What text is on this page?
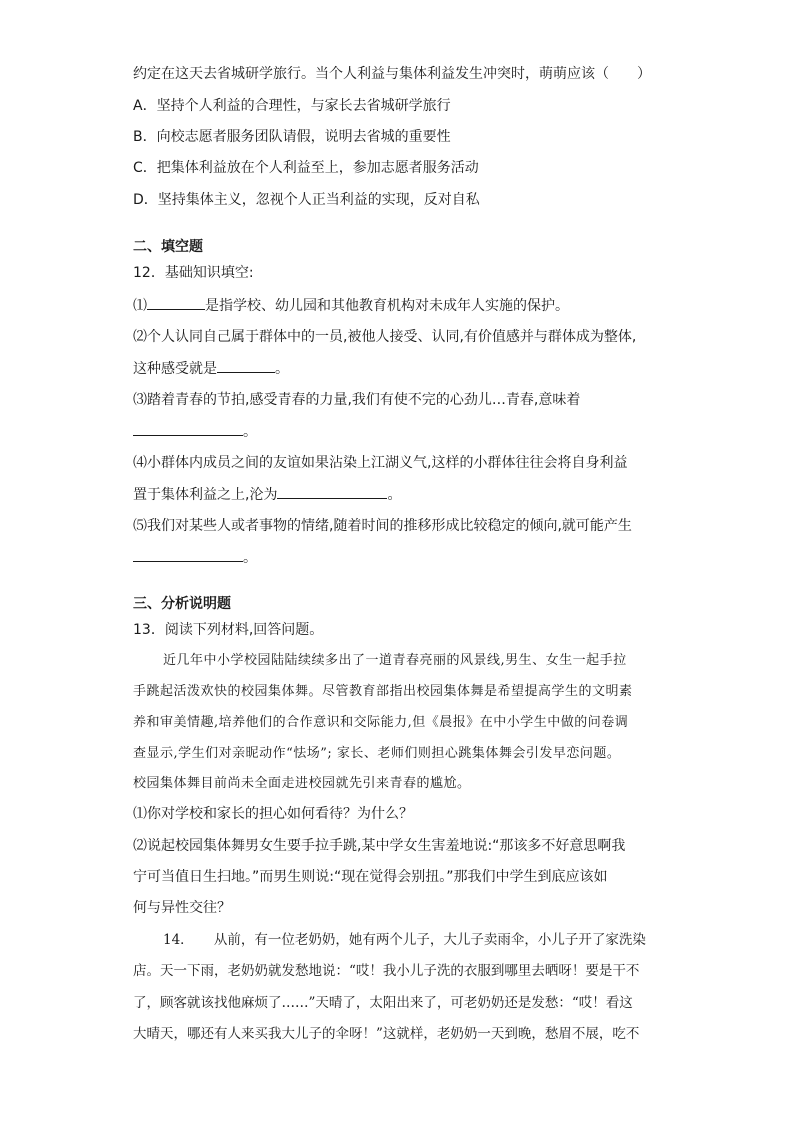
约定在这天去省城研学旅行。当个人利益与集体利益发生冲突时，萌萌应该（　　）
A．坚持个人利益的合理性，与家长去省城研学旅行
B．向校志愿者服务团队请假，说明去省城的重要性
C．把集体利益放在个人利益至上，参加志愿者服务活动
D．坚持集体主义，忽视个人正当利益的实现，反对自私
二、填空题
12．基础知识填空:
⑴	是指学校、幼儿园和其他教育机构对未成年人实施的保护。
⑵个人认同自己属于群体中的一员,被他人接受、认同,有价值感并与群体成为整体,
这种感受就是	。
⑶踏着青春的节拍,感受青春的力量,我们有使不完的心劲儿…青春,意味着
。
⑷小群体内成员之间的友谊如果沾染上江湖义气,这样的小群体往往会将自身利益
置于集体利益之上,沦为	。
⑸我们对某些人或者事物的情绪,随着时间的推移形成比较稳定的倾向,就可能产生
。
三、分析说明题
13．阅读下列材料,回答问题。
近几年中小学校园陆陆续续多出了一道青春亮丽的风景线,男生、女生一起手拉
手跳起活泼欢快的校园集体舞。尽管教育部指出校园集体舞是希望提高学生的文明素
养和审美情趣,培养他们的合作意识和交际能力,但《晨报》在中小学生中做的问卷调
查显示,学生们对亲昵动作“怯场”; 家长、老师们则担心跳集体舞会引发早恋问题。
校园集体舞目前尚未全面走进校园就先引来青春的尴尬。
⑴你对学校和家长的担心如何看待？为什么？
⑵说起校园集体舞男女生要手拉手跳,某中学女生害羞地说:“那该多不好意思啊我
宁可当值日生扫地。”而男生则说:“现在觉得会别扭。”那我们中学生到底应该如
何与异性交往？
14．　　从前，有一位老奶奶，她有两个儿子，大儿子卖雨伞，小儿子开了家洗染
店。天一下雨，老奶奶就发愁地说：“哎！我小儿子洗的衣服到哪里去晒呀！要是干不
了，顾客就该找他麻烦了……”天晴了，太阳出来了，可老奶奶还是发愁：“哎！看这
大晴天，哪还有人来买我大儿子的伞呀！”这就样，老奶奶一天到晚，愁眉不展，吃不
